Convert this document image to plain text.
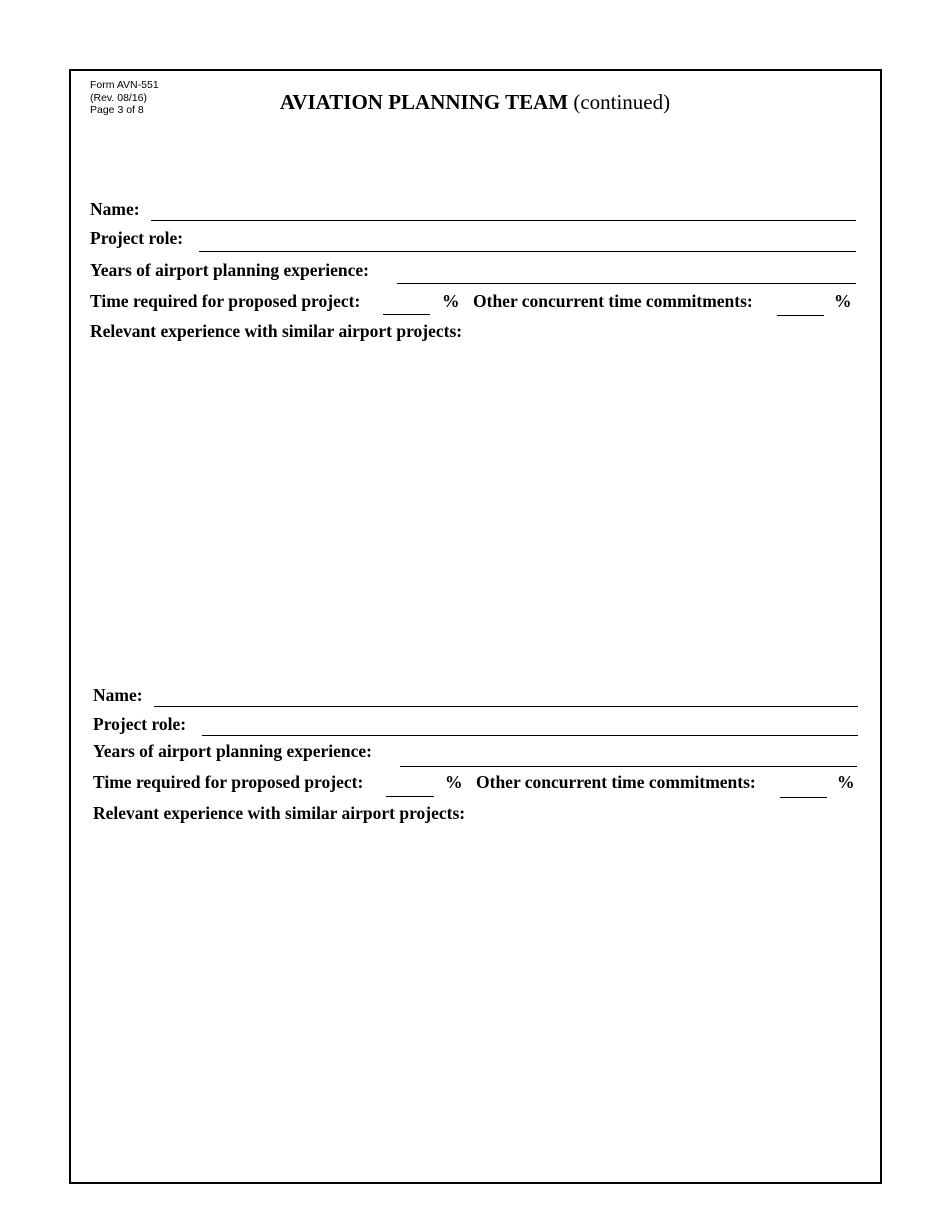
Form AVN-551
(Rev. 08/16)
Page 3 of 8	AVIATION PLANNING TEAM (continued)
Name:
Project role:
Years of airport planning experience:
Time required for proposed project:	% Other concurrent time commitments:	%
Relevant experience with similar airport projects:
Name:
Project role:
Years of airport planning experience:
Time required for proposed project:	% Other concurrent time commitments:	%
Relevant experience with similar airport projects:
